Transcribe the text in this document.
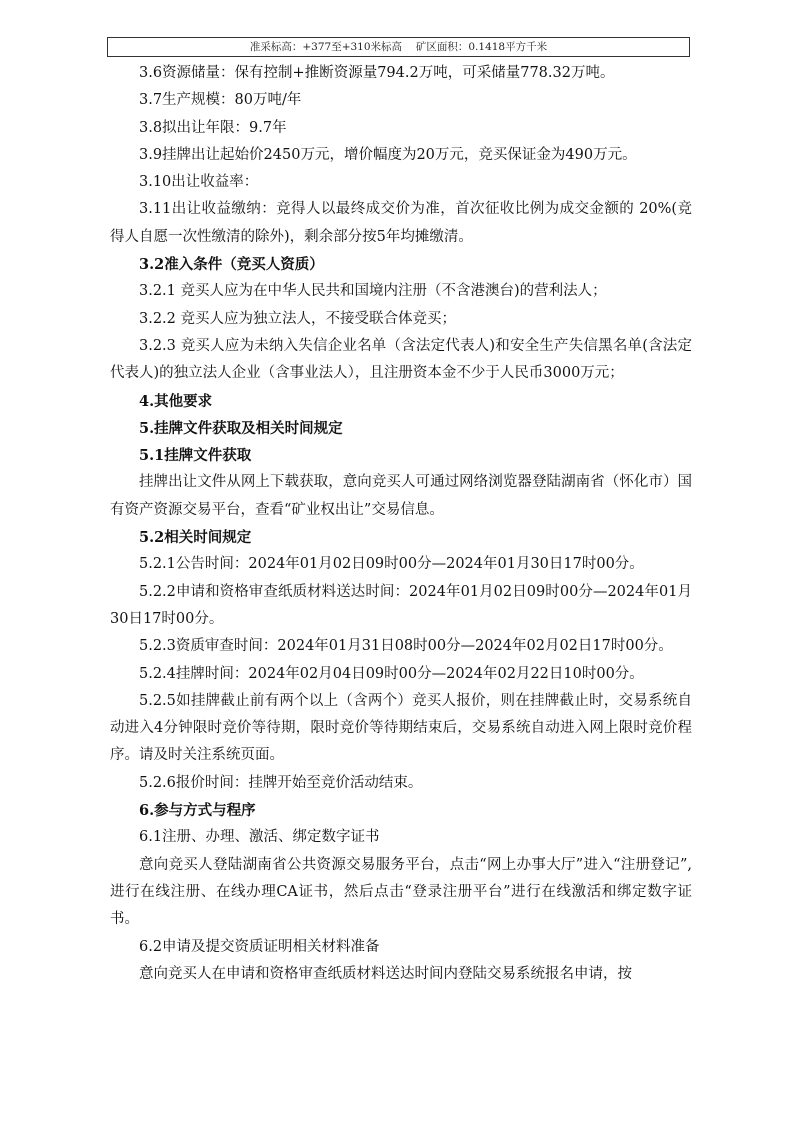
准采标高：+377至+310米标高　 矿区面积：0.1418平方千米

3.6资源储量：保有控制+推断资源量794.2万吨，可采储量778.32万吨。

3.7生产规模：80万吨/年

3.8拟出让年限：9.7年

3.9挂牌出让起始价2450万元，增价幅度为20万元，竞买保证金为490万元。

3.10出让收益率：

3.11出让收益缴纳：竞得人以最终成交价为准，首次征收比例为成交金额的 20%(竞得人自愿一次性缴清的除外)，剩余部分按5年均摊缴清。

3.2准入条件（竞买人资质）

3.2.1 竞买人应为在中华人民共和国境内注册（不含港澳台)的营利法人；

3.2.2 竞买人应为独立法人，不接受联合体竞买；

3.2.3 竞买人应为未纳入失信企业名单（含法定代表人)和安全生产失信黑名单(含法定代表人)的独立法人企业（含事业法人），且注册资本金不少于人民币3000万元；

4.其他要求

5.挂牌文件获取及相关时间规定

5.1挂牌文件获取

挂牌出让文件从网上下载获取，意向竞买人可通过网络浏览器登陆湖南省（怀化市）国有资产资源交易平台，查看“矿业权出让”交易信息。

5.2相关时间规定

5.2.1公告时间：2024年01月02日09时00分—2024年01月30日17时00分。

5.2.2申请和资格审查纸质材料送达时间：2024年01月02日09时00分—2024年01月30日17时00分。

5.2.3资质审查时间：2024年01月31日08时00分—2024年02月02日17时00分。

5.2.4挂牌时间：2024年02月04日09时00分—2024年02月22日10时00分。

5.2.5如挂牌截止前有两个以上（含两个）竞买人报价，则在挂牌截止时，交易系统自动进入4分钟限时竞价等待期，限时竞价等待期结束后，交易系统自动进入网上限时竞价程序。请及时关注系统页面。

5.2.6报价时间：挂牌开始至竞价活动结束。

6.参与方式与程序

6.1注册、办理、激活、绑定数字证书

意向竞买人登陆湖南省公共资源交易服务平台，点击“网上办事大厅”进入“注册登记”,进行在线注册、在线办理CA证书，然后点击“登录注册平台”进行在线激活和绑定数字证书。

6.2申请及提交资质证明相关材料准备

意向竞买人在申请和资格审查纸质材料送达时间内登陆交易系统报名申请，按
